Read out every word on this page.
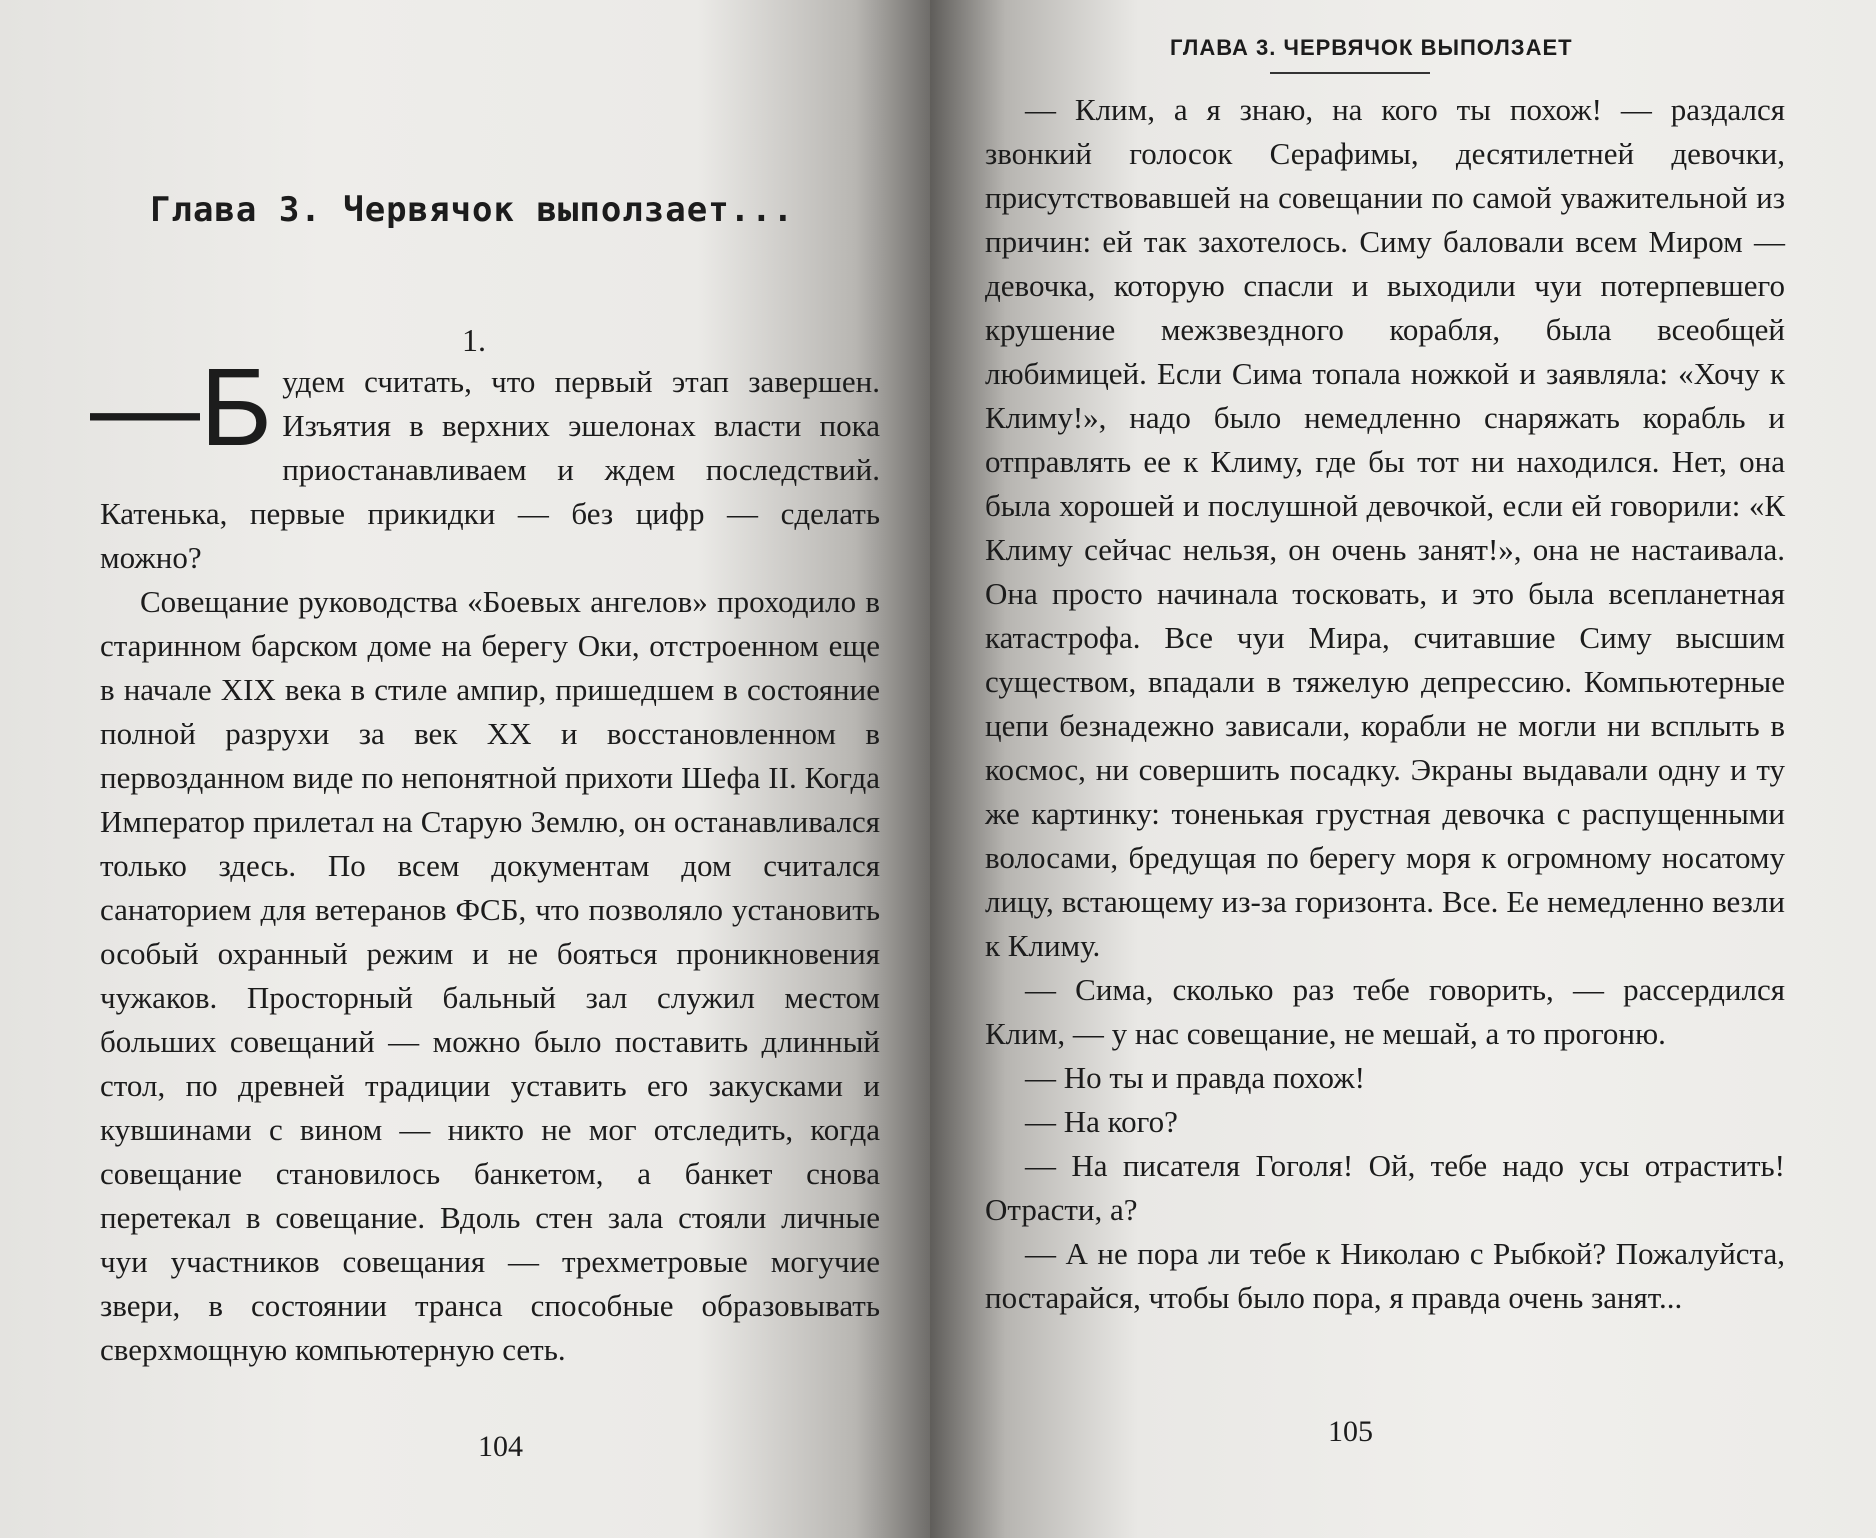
Глава 3. Червячок выползает...
1.

—Б удем считать, что первый этап завершен. Изъятия в верхних эшелонах власти пока приостанавливаем и ждем последствий. Катенька, первые прикидки — без цифр — сделать можно?

Совещание руководства «Боевых ангелов» проходило в старинном барском доме на берегу Оки, отстроенном еще в начале XIX века в стиле ампир, пришедшем в состояние полной разрухи за век XX и восстановленном в первозданном виде по непонятной прихоти Шефа II. Когда Император прилетал на Старую Землю, он останавливался только здесь. По всем документам дом считался санаторием для ветеранов ФСБ, что позволяло установить особый охранный режим и не бояться проникновения чужаков. Просторный бальный зал служил местом больших совещаний — можно было поставить длинный стол, по древней традиции уставить его закусками и кувшинами с вином — никто не мог отследить, когда совещание становилось банкетом, а банкет снова перетекал в совещание. Вдоль стен зала стояли личные чуи участников совещания — трехметровые могучие звери, в состоянии транса способные образовывать сверхмощную компьютерную сеть.

104
ГЛАВА 3. ЧЕРВЯЧОК ВЫПОЛЗАЕТ

— Клим, а я знаю, на кого ты похож! — раздался звонкий голосок Серафимы, десятилетней девочки, присутствовавшей на совещании по самой уважительной из причин: ей так захотелось. Симу баловали всем Миром — девочка, которую спасли и выходили чуи потерпевшего крушение межзвездного корабля, была всеобщей любимицей. Если Сима топала ножкой и заявляла: «Хочу к Климу!», надо было немедленно снаряжать корабль и отправлять ее к Климу, где бы тот ни находился. Нет, она была хорошей и послушной девочкой, если ей говорили: «К Климу сейчас нельзя, он очень занят!», она не настаивала. Она просто начинала тосковать, и это была всепланетная катастрофа. Все чуи Мира, считавшие Симу высшим существом, впадали в тяжелую депрессию. Компьютерные цепи безнадежно зависали, корабли не могли ни всплыть в космос, ни совершить посадку. Экраны выдавали одну и ту же картинку: тоненькая грустная девочка с распущенными волосами, бредущая по берегу моря к огромному носатому лицу, встающему из-за горизонта. Все. Ее немедленно везли к Климу.

— Сима, сколько раз тебе говорить, — рассердился Клим, — у нас совещание, не мешай, а то прогоню.

— Но ты и правда похож!

— На кого?

— На писателя Гоголя! Ой, тебе надо усы отрастить! Отрасти, а?

— А не пора ли тебе к Николаю с Рыбкой? Пожалуйста, постарайся, чтобы было пора, я правда очень занят...

105
